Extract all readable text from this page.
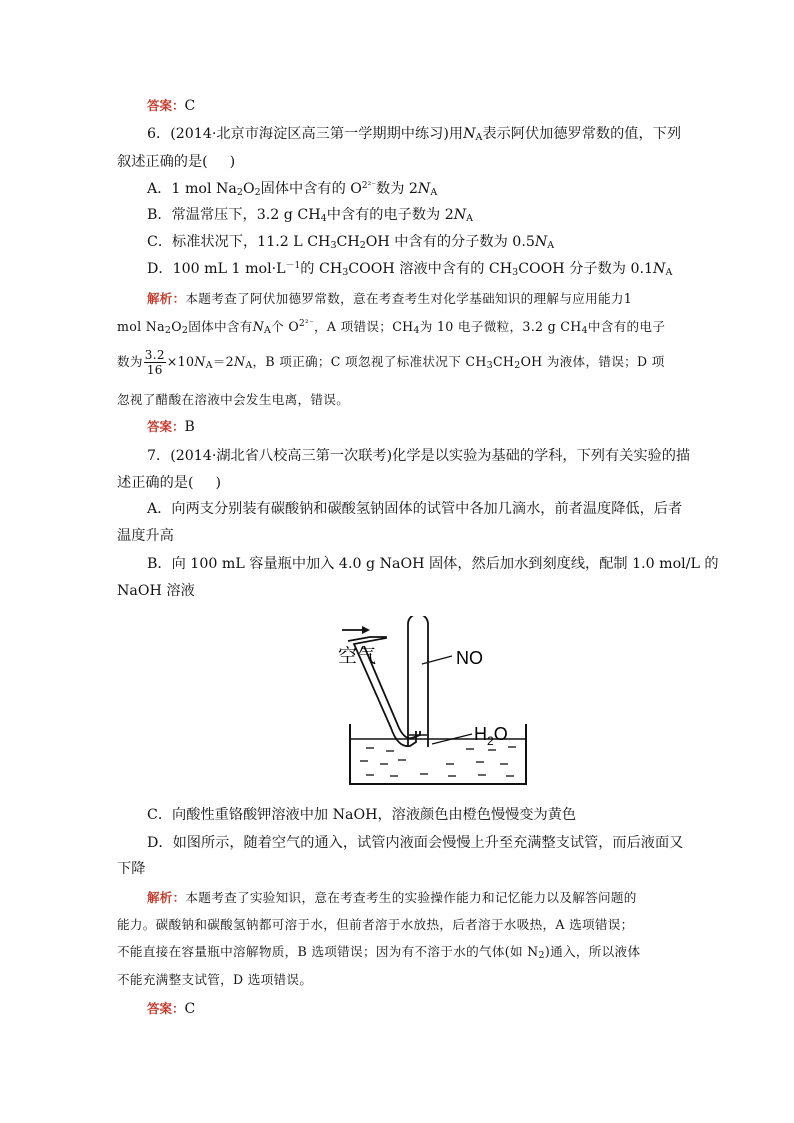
答案：C
6．(2014·北京市海淀区高三第一学期期中练习)用$N_A$表示阿伏加德罗常数的值，下列
叙述正确的是( )
A．1 mol $Na_2O_2$固体中含有的 $O^{2^{2-}}$数为 $2N_A$
B．常温常压下，3.2 g $CH_4$中含有的电子数为 $2N_A$
C．标准状况下，11.2 L $CH_3CH_2OH$ 中含有的分子数为 $0.5N_A$
D．100 mL 1 $mol\cdot L^{-1}$的 $CH_3COOH$ 溶液中含有的 $CH_3COOH$ 分子数为 $0.1N_A$
解析：本题考查了阿伏加德罗常数，意在考查考生对化学基础知识的理解与应用能力1
mol $Na_2O_2$固体中含有$N_A$个 $O^{2^{2-}}$，A 项错误；$CH_4$为 10 电子微粒，3.2 g $CH_4$中含有的电子
数为 $\frac{3.2}{16} \times 10N_A=2N_A$，B 项正确；C 项忽视了标准状况下 $CH_3CH_2OH$ 为液体，错误；D 项
忽视了醋酸在溶液中会发生电离，错误。
答案：B
7．(2014·湖北省八校高三第一次联考)化学是以实验为基础的学科，下列有关实验的描
述正确的是( )
A．向两支分别装有碳酸钠和碳酸氢钠固体的试管中各加几滴水，前者温度降低，后者
温度升高
B．向 100 mL 容量瓶中加入 4.0 g NaOH 固体，然后加水到刻度线，配制 1.0 mol/L 的
NaOH 溶液
空气	NO
$H_2O$
C．向酸性重铬酸钾溶液中加 NaOH，溶液颜色由橙色慢慢变为黄色
D．如图所示，随着空气的通入，试管内液面会慢慢上升至充满整支试管，而后液面又
下降
解析：本题考查了实验知识，意在考查考生的实验操作能力和记忆能力以及解答问题的
能力。碳酸钠和碳酸氢钠都可溶于水，但前者溶于水放热，后者溶于水吸热，A 选项错误；
不能直接在容量瓶中溶解物质，B 选项错误；因为有不溶于水的气体(如 $N_2$)通入，所以液体
不能充满整支试管，D 选项错误。
答案：C
